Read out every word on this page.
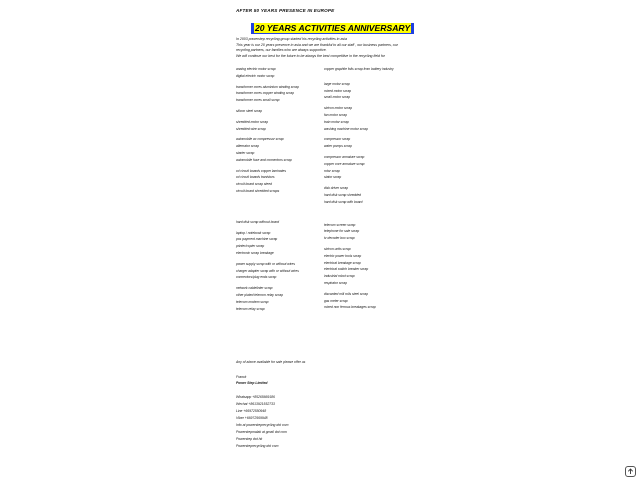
AFTER 50 YEARS PRESENCE IN EUROPE
20 YEARS ACTIVITIES ANNIVERSARY

In 2003 powerstep recycling group started his recycling activities in asia

This year is our 20 years presence in asia and we are thankful to all our staff , our business partners, our recycling partners, our families who are always supportive.

We will continue our best for the future to be always the best competitive in the recycling field for

analog electric motor scrap
digital electric motor scrap
transformer cores aluminium winding scrap
transformer cores copper winding scrap
transformer cores small scrap
silicon steel scrap
shredded motor scrap
shredded wire scrap
automobile ac compressor scrap
alternator scrap
starter scrap
automobile fuse and connectors scrap
cd circuit boards copper laminates
cd circuit boards tranistors
circuit board scrap steed
circuit board shredded scraps
hard disk scrap without board
laptop / notebook scrap
pos payment machine scrap
printer/copier scrap
electronic scrap breakage
power supply scrap with or without wires
charger adapter scrap with or without wires
connectors/plug ends scrap
network cablelinter scrap
other plated telecom relay scrap
telecom modem scrap
telecom relay scrap
copper graphite foils scrap from battery industry
large motor scrap
mixed motor scrap
small motor scrap
stricon motor scrap
fan motor scrap
train motor scrap
washing machine motor scrap
compressor scrap
water pomps scrap
compressor armature scrap
copper core armature scrap
rotor scrap
stator scrap
disk driver scrap
hard disk scrap shredded
hard disk scrap with board
telecom screen scrap
telephone for sale scrap
tv decoder box scrap
stricon units scrap
electric power tools scrap
electrical breakage scrap
electrical switch breaker scrap
industrial robot scrap
respirator scrap
discarded mill rolls steel scrap
gas meter scrap
mixed non ferrous breakages scrap
Any of above available for sale please offer us
Franck
Power Step Limited
Whatsapp +85265669186
Wechat +8613921552733
Line +66972550948
Viber +66972569948
Info at powersteprecycling dot com
Powerstepmalak at gmail dot com
Powerstep dot hk
Powersteprecycling dot com
